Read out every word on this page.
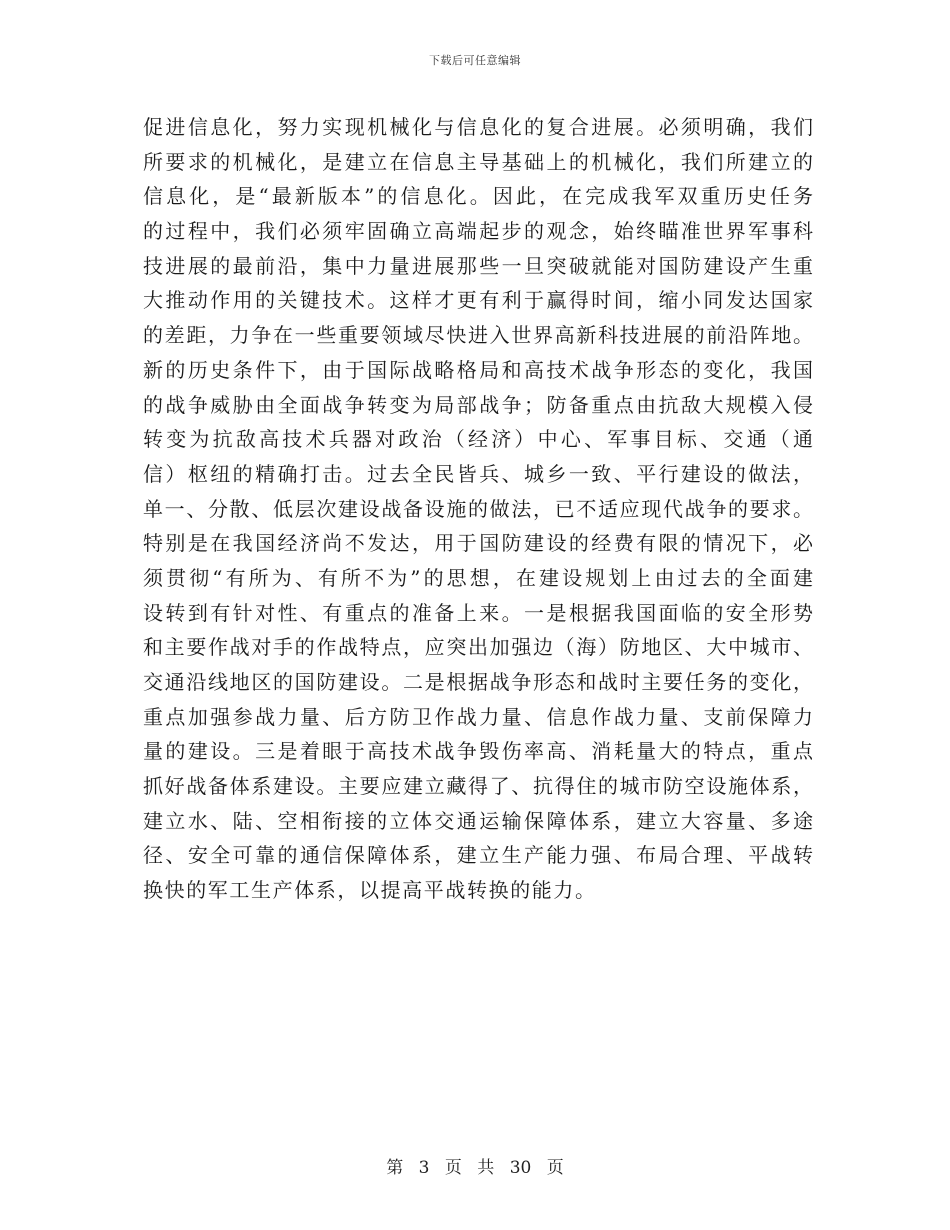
下载后可任意编辑
促进信息化，努力实现机械化与信息化的复合进展。必须明确，我们
所要求的机械化，是建立在信息主导基础上的机械化，我们所建立的
信息化，是“最新版本”的信息化。因此，在完成我军双重历史任务
的过程中，我们必须牢固确立高端起步的观念，始终瞄准世界军事科
技进展的最前沿，集中力量进展那些一旦突破就能对国防建设产生重
大推动作用的关键技术。这样才更有利于赢得时间，缩小同发达国家
的差距，力争在一些重要领域尽快进入世界高新科技进展的前沿阵地。
新的历史条件下，由于国际战略格局和高技术战争形态的变化，我国
的战争威胁由全面战争转变为局部战争；防备重点由抗敌大规模入侵
转变为抗敌高技术兵器对政治（经济）中心、军事目标、交通（通
信）枢纽的精确打击。过去全民皆兵、城乡一致、平行建设的做法，
单一、分散、低层次建设战备设施的做法，已不适应现代战争的要求。
特别是在我国经济尚不发达，用于国防建设的经费有限的情况下，必
须贯彻“有所为、有所不为”的思想，在建设规划上由过去的全面建
设转到有针对性、有重点的准备上来。一是根据我国面临的安全形势
和主要作战对手的作战特点，应突出加强边（海）防地区、大中城市、
交通沿线地区的国防建设。二是根据战争形态和战时主要任务的变化，
重点加强参战力量、后方防卫作战力量、信息作战力量、支前保障力
量的建设。三是着眼于高技术战争毁伤率高、消耗量大的特点，重点
抓好战备体系建设。主要应建立藏得了、抗得住的城市防空设施体系，
建立水、陆、空相衔接的立体交通运输保障体系，建立大容量、多途
径、安全可靠的通信保障体系，建立生产能力强、布局合理、平战转
换快的军工生产体系，以提高平战转换的能力。
第 3 页 共 30 页
